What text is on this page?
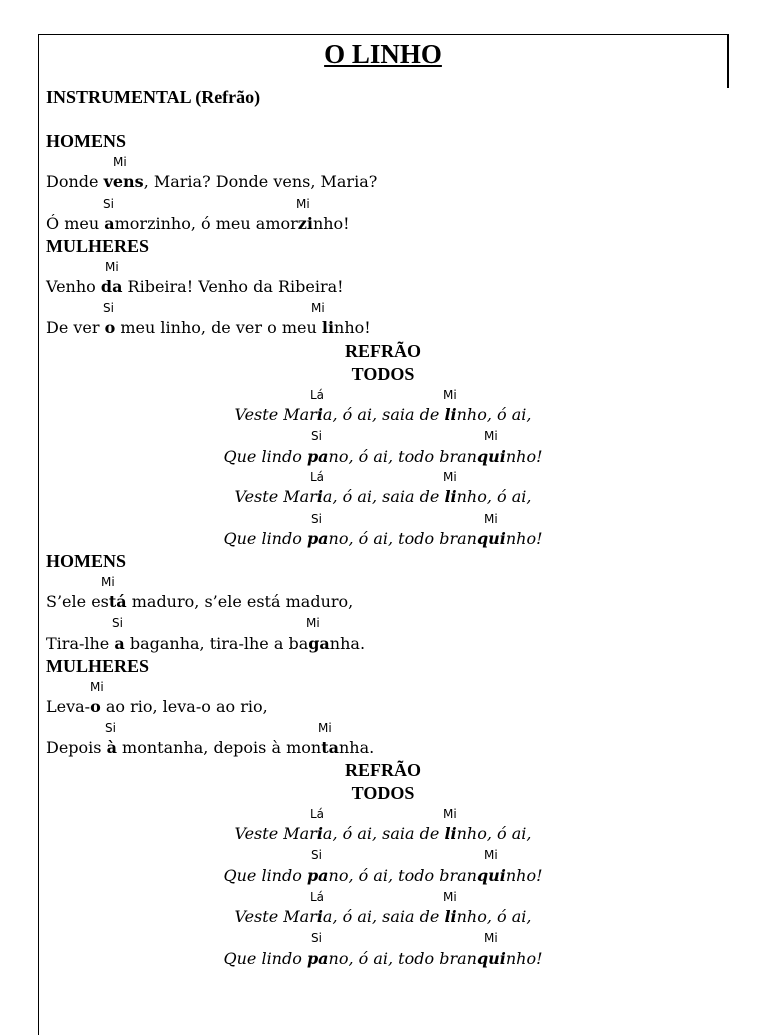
O LINHO
INSTRUMENTAL (Refrão)
HOMENS
Mi
Donde vens, Maria? Donde vens, Maria?
Si	Mi
Ó meu amorzinho, ó meu amorzinho!
MULHERES
Mi
Venho da Ribeira! Venho da Ribeira!
Si	Mi
De ver o meu linho, de ver o meu linho!
REFRÃO
TODOS
Lá	Mi
Veste Maria, ó ai, saia de linho, ó ai,
Si	Mi
Que lindo pano, ó ai, todo branquinho!
Lá	Mi
Veste Maria, ó ai, saia de linho, ó ai,
Si	Mi
Que lindo pano, ó ai, todo branquinho!
HOMENS
Mi
S’ele está maduro, s’ele está maduro,
Si	Mi
Tira-lhe a baganha, tira-lhe a baganha.
MULHERES
Mi
Leva-o ao rio, leva-o ao rio,
Si	Mi
Depois à montanha, depois à montanha.
REFRÃO
TODOS
Lá	Mi
Veste Maria, ó ai, saia de linho, ó ai,
Si	Mi
Que lindo pano, ó ai, todo branquinho!
Lá	Mi
Veste Maria, ó ai, saia de linho, ó ai,
Si	Mi
Que lindo pano, ó ai, todo branquinho!
